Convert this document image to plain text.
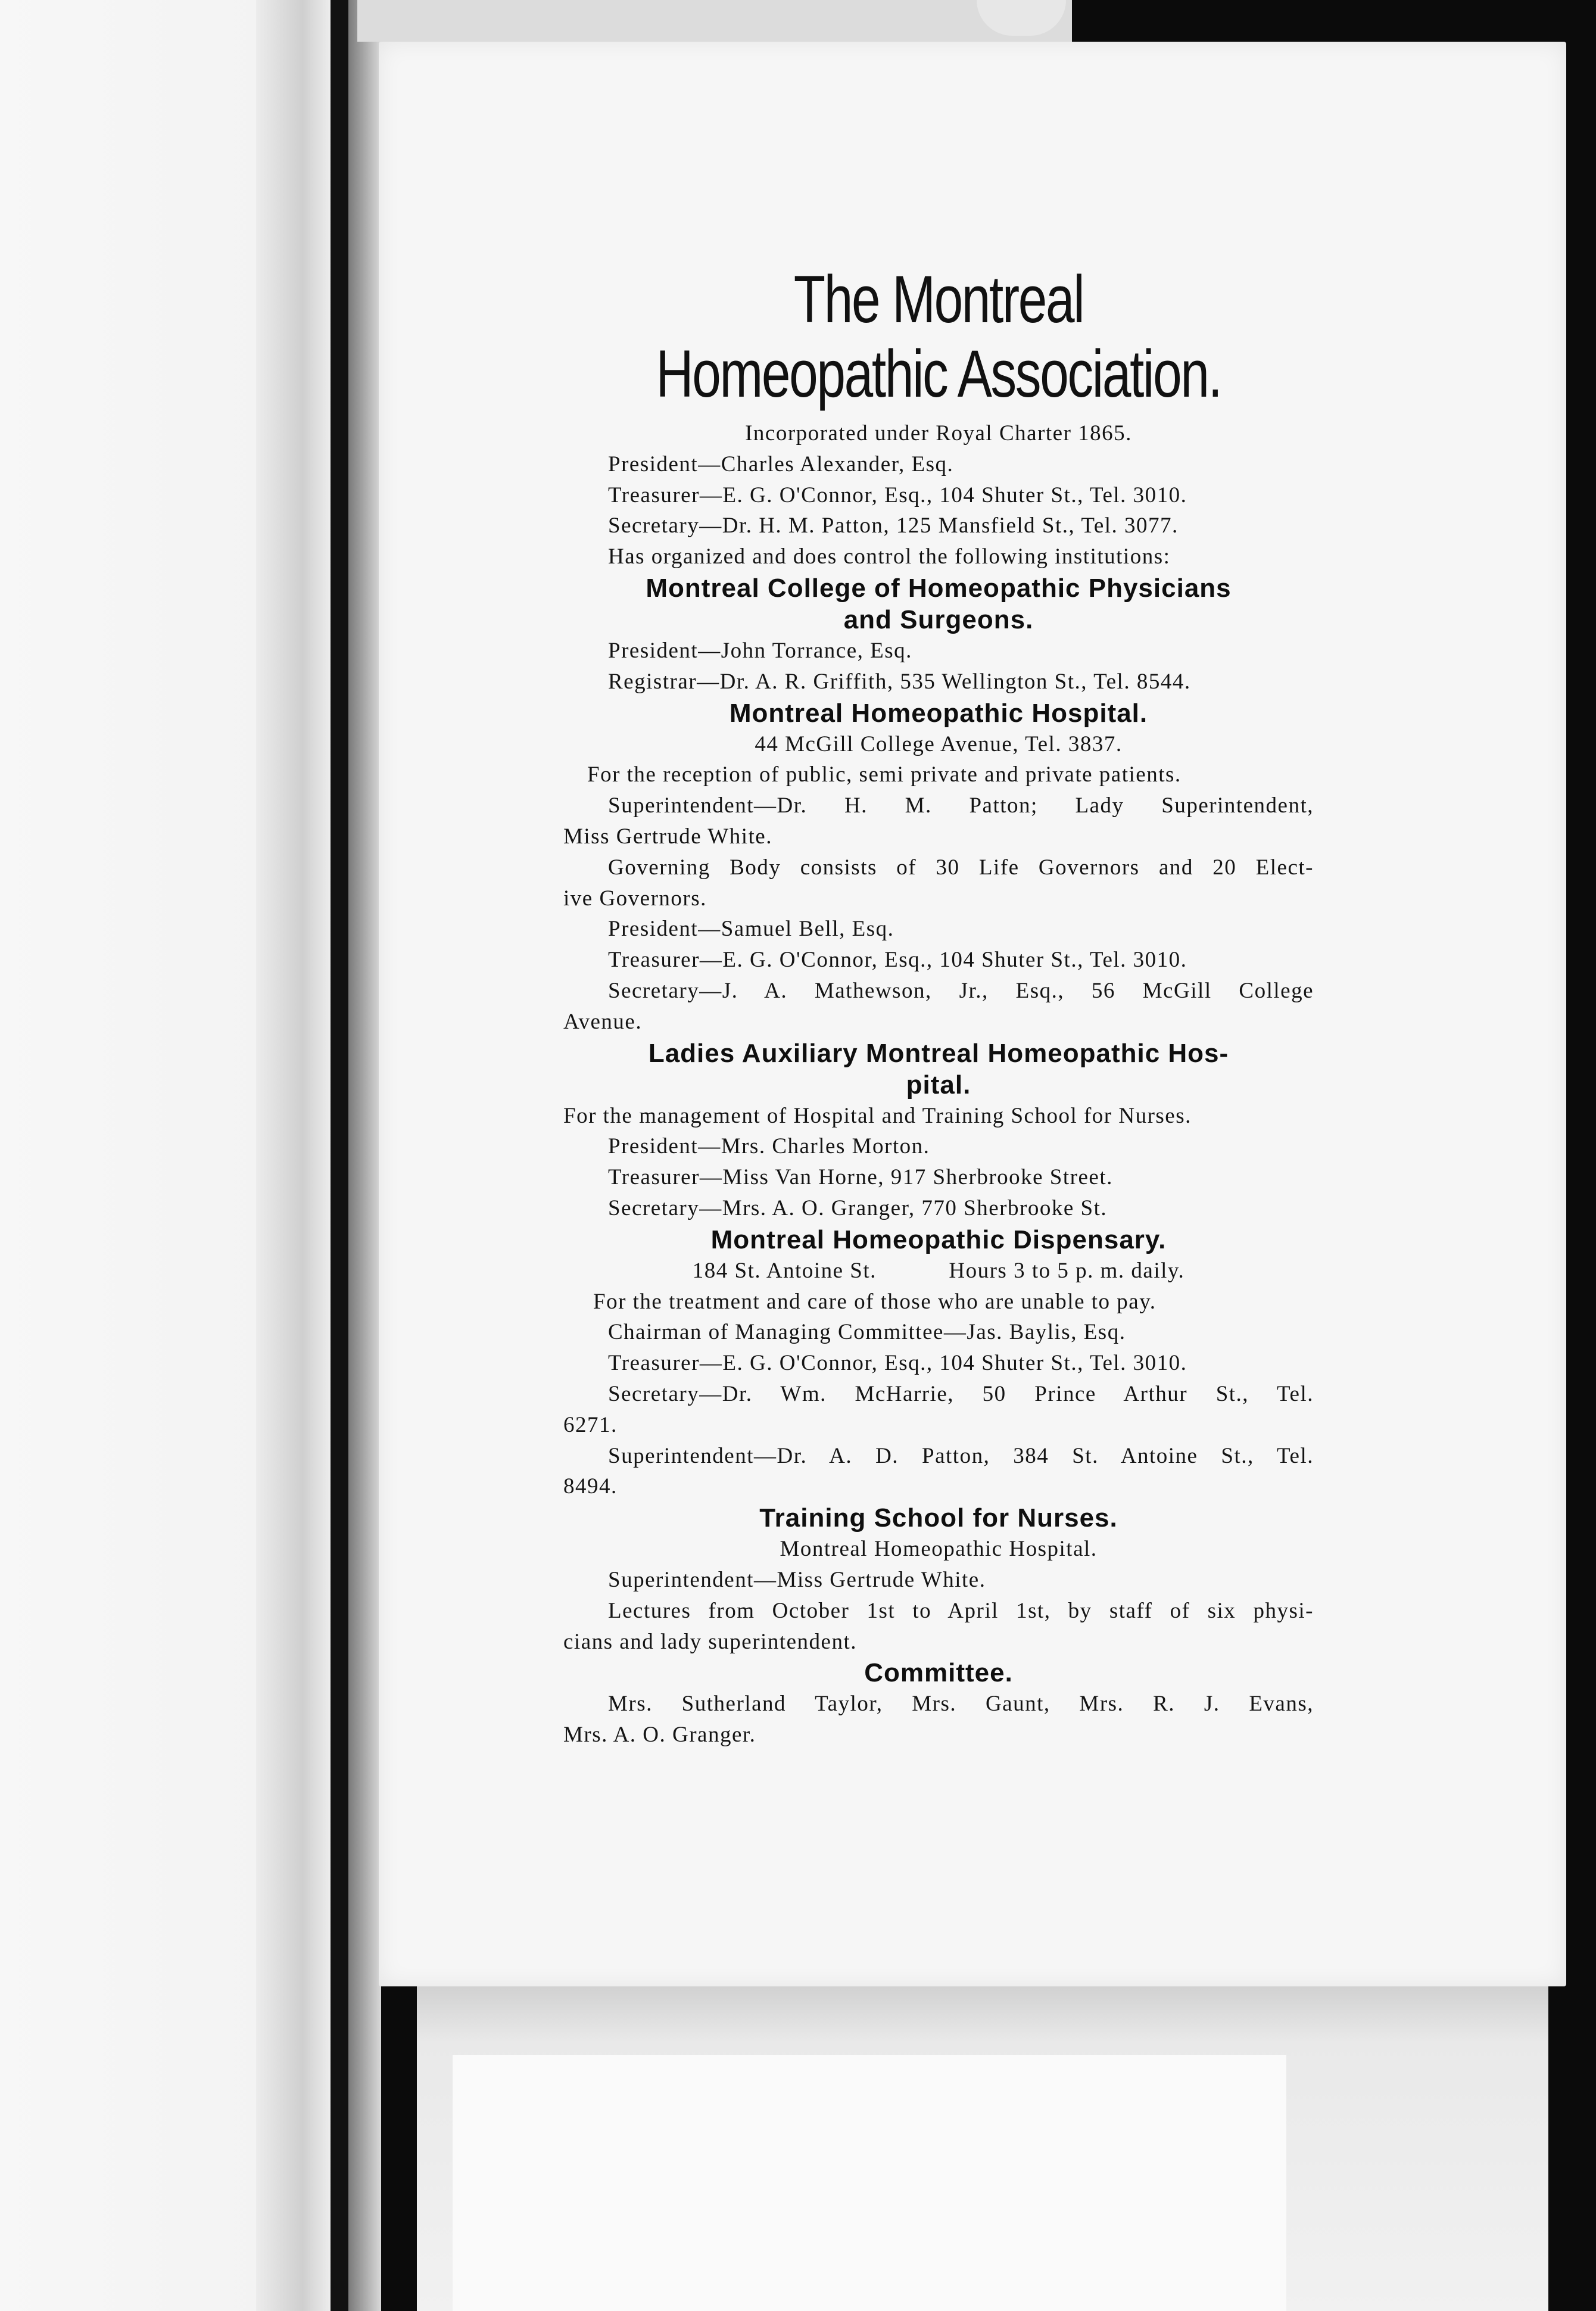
The Montreal Homeopathic Association.

Incorporated under Royal Charter 1865.

President—Charles Alexander, Esq.

Treasurer—E. G. O'Connor, Esq., 104 Shuter St., Tel. 3010.

Secretary—Dr. H. M. Patton, 125 Mansfield St., Tel. 3077.

Has organized and does control the following institutions:

Montreal College of Homeopathic Physicians
and Surgeons.

President—John Torrance, Esq.

Registrar—Dr. A. R. Griffith, 535 Wellington St., Tel. 8544.

Montreal Homeopathic Hospital.

44 McGill College Avenue, Tel. 3837.

For the reception of public, semi private and private patients.

Superintendent—Dr. H. M. Patton; Lady Superintendent,

Miss Gertrude White.

Governing Body consists of 30 Life Governors and 20 Elect-

ive Governors.

President—Samuel Bell, Esq.

Treasurer—E. G. O'Connor, Esq., 104 Shuter St., Tel. 3010.

Secretary—J. A. Mathewson, Jr., Esq., 56 McGill College

Avenue.

Ladies Auxiliary Montreal Homeopathic Hos-
pital.

For the management of Hospital and Training School for Nurses.

President—Mrs. Charles Morton.

Treasurer—Miss Van Horne, 917 Sherbrooke Street.

Secretary—Mrs. A. O. Granger, 770 Sherbrooke St.

Montreal Homeopathic Dispensary.

184 St. Antoine St.	Hours 3 to 5 p. m. daily.

For the treatment and care of those who are unable to pay.

Chairman of Managing Committee—Jas. Baylis, Esq.

Treasurer—E. G. O'Connor, Esq., 104 Shuter St., Tel. 3010.

Secretary—Dr. Wm. McHarrie, 50 Prince Arthur St., Tel.

6271.

Superintendent—Dr. A. D. Patton, 384 St. Antoine St., Tel.

8494.

Training School for Nurses.

Montreal Homeopathic Hospital.

Superintendent—Miss Gertrude White.

Lectures from October 1st to April 1st, by staff of six physi-

cians and lady superintendent.

Committee.

Mrs. Sutherland Taylor, Mrs. Gaunt, Mrs. R. J. Evans,

Mrs. A. O. Granger.
